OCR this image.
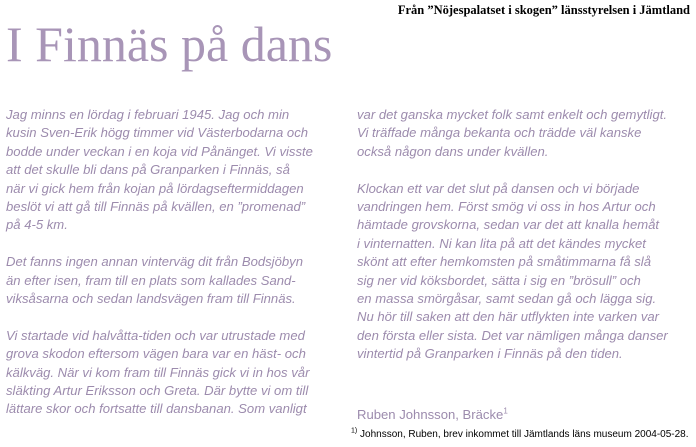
Från ”Nöjespalatset i skogen” länsstyrelsen i Jämtland
I Finnäs på dans

Jag minns en lördag i februari 1945. Jag och min
kusin Sven-Erik högg timmer vid Västerbodarna och
bodde under veckan i en koja vid Pånänget. Vi visste
att det skulle bli dans på Granparken i Finnäs, så
när vi gick hem från kojan på lördagseftermiddagen
beslöt vi att gå till Finnäs på kvällen, en ”promenad”
på 4-5 km.

Det fanns ingen annan vinterväg dit från Bodsjöbyn
än efter isen, fram till en plats som kallades Sand-
viksåsarna och sedan landsvägen fram till Finnäs.

Vi startade vid halvåtta-tiden och var utrustade med
grova skodon eftersom vägen bara var en häst- och
kälkväg. När vi kom fram till Finnäs gick vi in hos vår
släkting Artur Eriksson och Greta. Där bytte vi om till
lättare skor och fortsatte till dansbanan. Som vanligt

var det ganska mycket folk samt enkelt och gemytligt.
Vi träffade många bekanta och trädde väl kanske
också någon dans under kvällen.

Klockan ett var det slut på dansen och vi började
vandringen hem. Först smög vi oss in hos Artur och
hämtade grovskorna, sedan var det att knalla hemåt
i vinternatten. Ni kan lita på att det kändes mycket
skönt att efter hemkomsten på småtimmarna få slå
sig ner vid köksbordet, sätta i sig en ”brösull” och
en massa smörgåsar, samt sedan gå och lägga sig.
Nu hör till saken att den här utflykten inte varken var
den första eller sista. Det var nämligen många danser
vintertid på Granparken i Finnäs på den tiden.

Ruben Johnsson, Bräcke$^1$
$^{1)}$ Johnsson, Ruben, brev inkommet till Jämtlands läns museum 2004-05-28.
